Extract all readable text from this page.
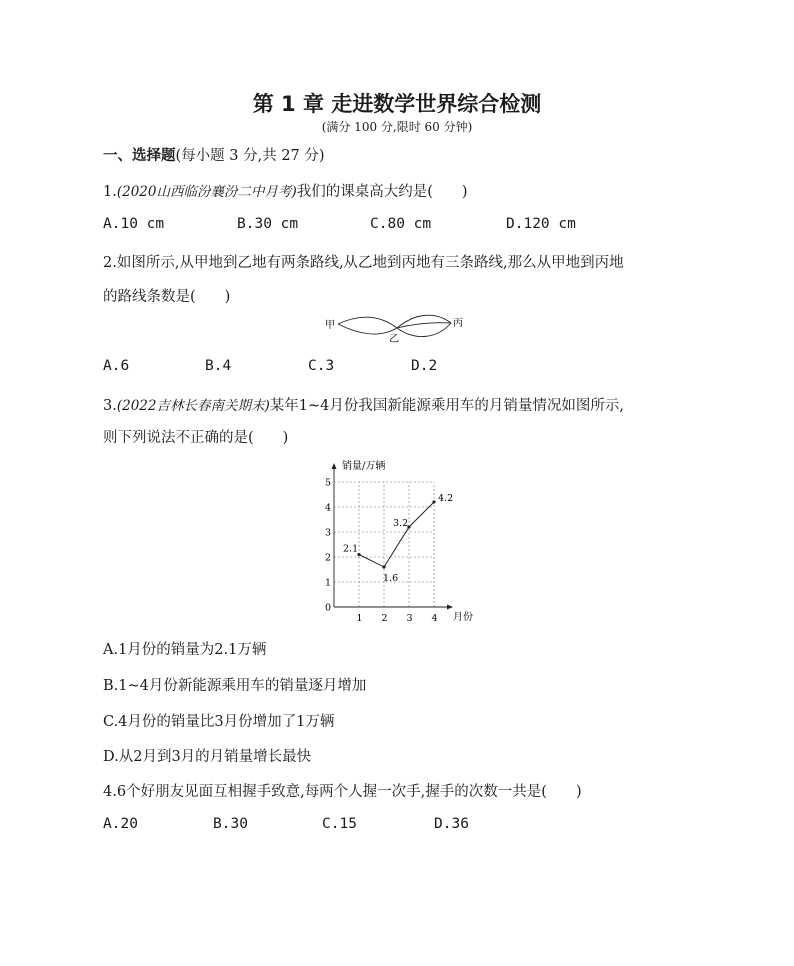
第 1 章 走进数学世界综合检测
(满分 100 分,限时 60 分钟)
一、选择题(每小题 3 分,共 27 分)
1.(2020山西临汾襄汾二中月考)我们的课桌高大约是(　　)
A.10 cm	B.30 cm	C.80 cm	D.120 cm
2.如图所示,从甲地到乙地有两条路线,从乙地到丙地有三条路线,那么从甲地到丙地
的路线条数是(　　)
甲
乙
丙
A.6	B.4	C.3	D.2
3.(2022吉林长春南关期末)某年1~4月份我国新能源乘用车的月销量情况如图所示,
则下列说法不正确的是(　　)
1 2 3 4
1
2
3
4
5
0
2.1
1.6
3.2
4.2
销量/万辆
月份
A.1月份的销量为2.1万辆
B.1~4月份新能源乘用车的销量逐月增加
C.4月份的销量比3月份增加了1万辆
D.从2月到3月的月销量增长最快
4.6个好朋友见面互相握手致意,每两个人握一次手,握手的次数一共是(　　)
A.20	B.30	C.15	D.36
